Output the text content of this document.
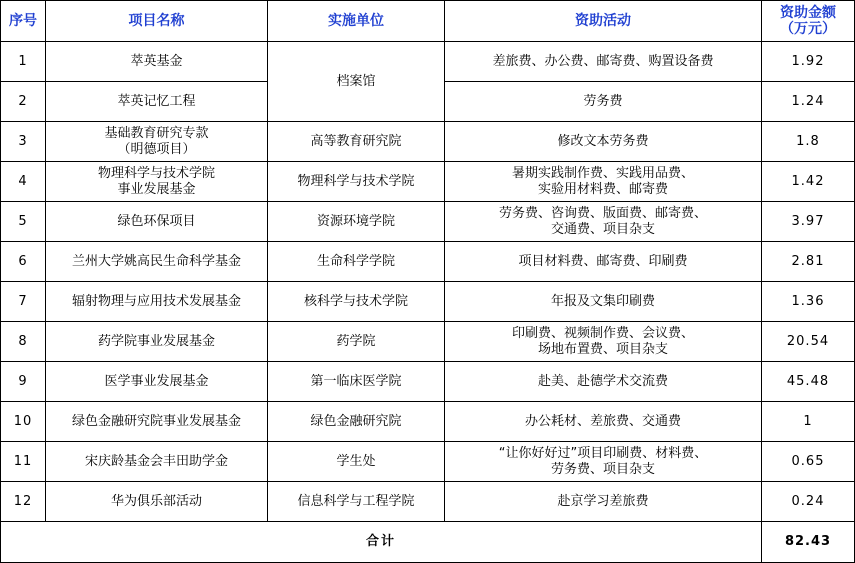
序号	项目名称	实施单位	资助活动	资助金额
（万元）
1	萃英基金	档案馆	差旅费、办公费、邮寄费、购置设备费	1.92
2	萃英记忆工程		劳务费	1.24
3	基础教育研究专款
（明德项目）	高等教育研究院	修改文本劳务费	1.8
4	物理科学与技术学院
事业发展基金	物理科学与技术学院	暑期实践制作费、实践用品费、
实验用材料费、邮寄费	1.42
5	绿色环保项目	资源环境学院	劳务费、咨询费、版面费、邮寄费、
交通费、项目杂支	3.97
6	兰州大学姚高民生命科学基金	生命科学学院	项目材料费、邮寄费、印刷费	2.81
7	辐射物理与应用技术发展基金	核科学与技术学院	年报及文集印刷费	1.36
8	药学院事业发展基金	药学院	印刷费、视频制作费、会议费、
场地布置费、项目杂支	20.54
9	医学事业发展基金	第一临床医学院	赴美、赴德学术交流费	45.48
10	绿色金融研究院事业发展基金	绿色金融研究院	办公耗材、差旅费、交通费	1
11	宋庆龄基金会丰田助学金	学生处	“让你好好过”项目印刷费、材料费、
劳务费、项目杂支	0.65
12	华为俱乐部活动	信息科学与工程学院	赴京学习差旅费	0.24
合计				82.43
